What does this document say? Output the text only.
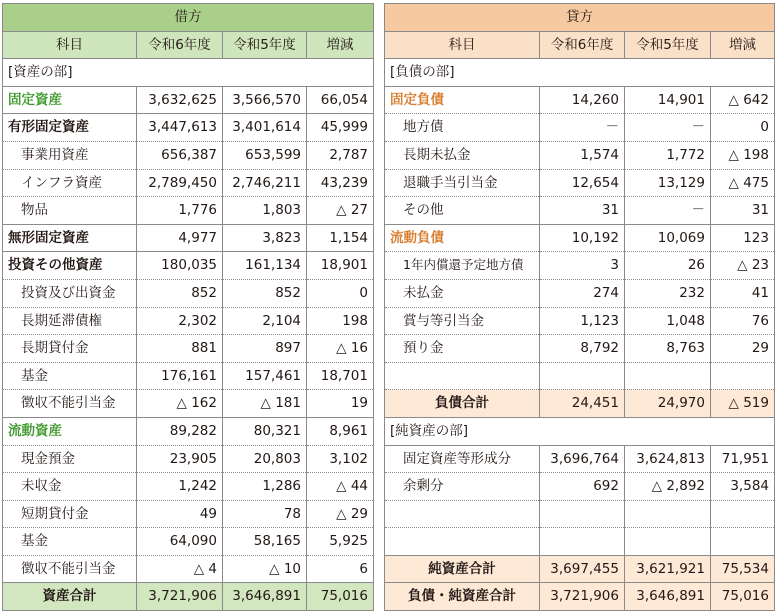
借方			
科目	令和6年度	令和5年度	増減
[資産の部]			
固定資産	3,632,625	3,566,570	66,054
有形固定資産	3,447,613	3,401,614	45,999
事業用資産	656,387	653,599	2,787
インフラ資産	2,789,450	2,746,211	43,239
物品	1,776	1,803	△ 27
無形固定資産	4,977	3,823	1,154
投資その他資産	180,035	161,134	18,901
投資及び出資金	852	852	0
長期延滞債権	2,302	2,104	198
長期貸付金	881	897	△ 16
基金	176,161	157,461	18,701
徴収不能引当金	△ 162	△ 181	19
流動資産	89,282	80,321	8,961
現金預金	23,905	20,803	3,102
未収金	1,242	1,286	△ 44
短期貸付金	49	78	△ 29
基金	64,090	58,165	5,925
徴収不能引当金	△ 4	△ 10	6
資産合計	3,721,906	3,646,891	75,016
貸方			
科目	令和6年度	令和5年度	増減
[負債の部]			
固定負債	14,260	14,901	△ 642
地方債	－	－	0
長期未払金	1,574	1,772	△ 198
退職手当引当金	12,654	13,129	△ 475
その他	31	－	31
流動負債	10,192	10,069	123
1年内償還予定地方債	3	26	△ 23
未払金	274	232	41
賞与等引当金	1,123	1,048	76
預り金	8,792	8,763	29

負債合計	24,451	24,970	△ 519
[純資産の部]			
固定資産等形成分	3,696,764	3,624,813	71,951
余剰分	692	△ 2,892	3,584

純資産合計	3,697,455	3,621,921	75,534
負債・純資産合計	3,721,906	3,646,891	75,016
